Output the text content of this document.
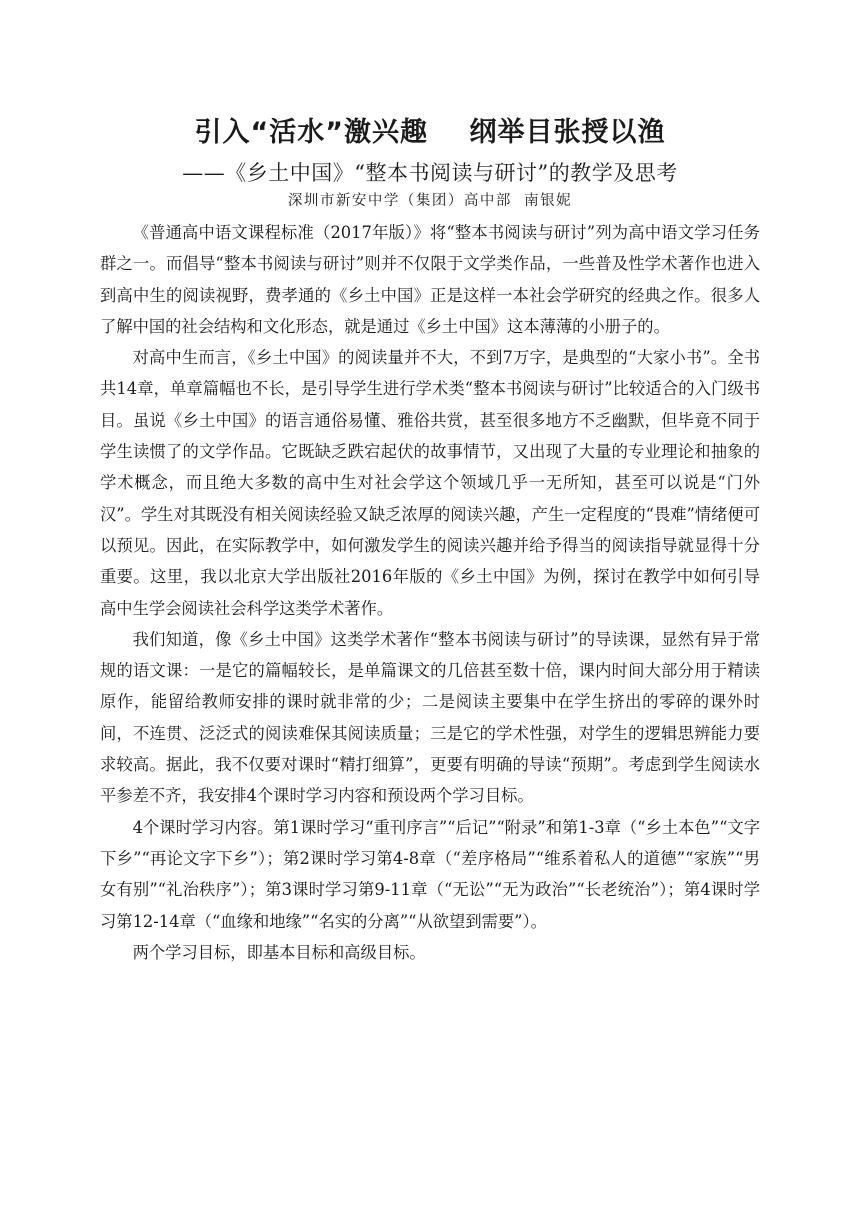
引入“活水”激兴趣    纲举目张授以渔
——《乡土中国》“整本书阅读与研讨”的教学及思考
深圳市新安中学（集团）高中部  南银妮

《普通高中语文课程标准（2017年版）》将“整本书阅读与研讨”列为高中语文学习任务群之一。而倡导“整本书阅读与研讨”则并不仅限于文学类作品，一些普及性学术著作也进入到高中生的阅读视野，费孝通的《乡土中国》正是这样一本社会学研究的经典之作。很多人了解中国的社会结构和文化形态，就是通过《乡土中国》这本薄薄的小册子的。

对高中生而言，《乡土中国》的阅读量并不大，不到7万字，是典型的“大家小书”。全书共14章，单章篇幅也不长，是引导学生进行学术类“整本书阅读与研讨”比较适合的入门级书目。虽说《乡土中国》的语言通俗易懂、雅俗共赏，甚至很多地方不乏幽默，但毕竟不同于学生读惯了的文学作品。它既缺乏跌宕起伏的故事情节，又出现了大量的专业理论和抽象的学术概念，而且绝大多数的高中生对社会学这个领域几乎一无所知，甚至可以说是“门外汉”。学生对其既没有相关阅读经验又缺乏浓厚的阅读兴趣，产生一定程度的“畏难”情绪便可以预见。因此，在实际教学中，如何激发学生的阅读兴趣并给予得当的阅读指导就显得十分重要。这里，我以北京大学出版社2016年版的《乡土中国》为例，探讨在教学中如何引导高中生学会阅读社会科学这类学术著作。

我们知道，像《乡土中国》这类学术著作“整本书阅读与研讨”的导读课，显然有异于常规的语文课：一是它的篇幅较长，是单篇课文的几倍甚至数十倍，课内时间大部分用于精读原作，能留给教师安排的课时就非常的少；二是阅读主要集中在学生挤出的零碎的课外时间，不连贯、泛泛式的阅读难保其阅读质量；三是它的学术性强，对学生的逻辑思辨能力要求较高。据此，我不仅要对课时“精打细算”，更要有明确的导读“预期”。考虑到学生阅读水平参差不齐，我安排4个课时学习内容和预设两个学习目标。

4个课时学习内容。第1课时学习“重刊序言”“后记”“附录”和第1-3章（“乡土本色”“文字下乡”“再论文字下乡”）；第2课时学习第4-8章（“差序格局”“维系着私人的道德”“家族”“男女有别”“礼治秩序”）；第3课时学习第9-11章（“无讼”“无为政治”“长老统治”）；第4课时学习第12-14章（“血缘和地缘”“名实的分离”“从欲望到需要”）。

两个学习目标，即基本目标和高级目标。
